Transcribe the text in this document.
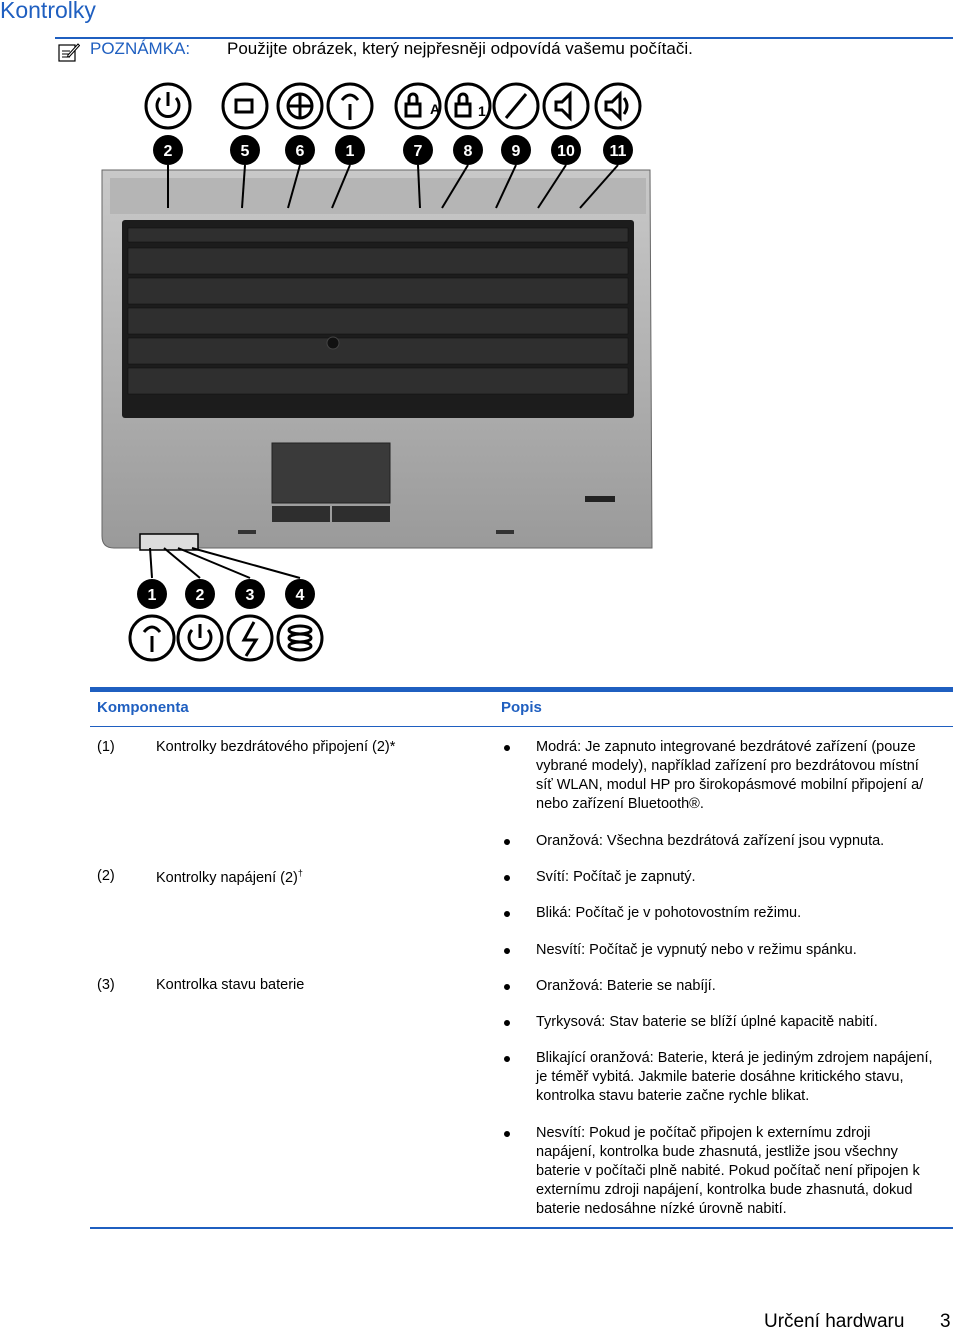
Kontrolky
POZNÁMKA: Použijte obrázek, který nejpřesněji odpovídá vašemu počítači.
A	1
2	5	6	1	7	8 9 10 11
1 2	3	4
Komponenta	Popis
(1)	Kontrolky bezdrátového připojení (2)*	Modrá: Je zapnuto integrované bezdrátové zařízení (pouze
vybrané modely), například zařízení pro bezdrátovou místní
síť WLAN, modul HP pro širokopásmové mobilní připojení a/
nebo zařízení Bluetooth®.
Oranžová: Všechna bezdrátová zařízení jsou vypnuta.
(2)	Kontrolky napájení (2)†	Svítí: Počítač je zapnutý.
Bliká: Počítač je v pohotovostním režimu.
Nesvítí: Počítač je vypnutý nebo v režimu spánku.
(3)	Kontrolka stavu baterie	Oranžová: Baterie se nabíjí.
Tyrkysová: Stav baterie se blíží úplné kapacitě nabití.
Blikající oranžová: Baterie, která je jediným zdrojem napájení,
je téměř vybitá. Jakmile baterie dosáhne kritického stavu,
kontrolka stavu baterie začne rychle blikat.
Nesvítí: Pokud je počítač připojen k externímu zdroji
napájení, kontrolka bude zhasnutá, jestliže jsou všechny
baterie v počítači plně nabité. Pokud počítač není připojen k
externímu zdroji napájení, kontrolka bude zhasnutá, dokud
baterie nedosáhne nízké úrovně nabití.
Určení hardwaru 3
